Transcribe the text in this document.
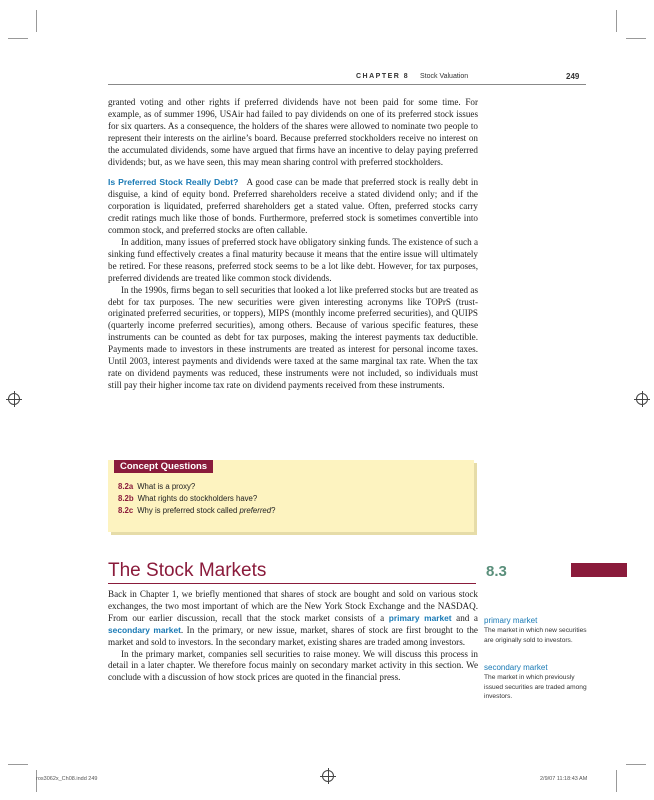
CHAPTER 8 Stock Valuation	249

granted voting and other rights if preferred dividends have not been paid for some time. For example, as of summer 1996, USAir had failed to pay dividends on one of its preferred stock issues for six quarters. As a consequence, the holders of the shares were allowed to nominate two people to represent their interests on the airline’s board. Because preferred stockholders receive no interest on the accumulated dividends, some have argued that firms have an incentive to delay paying preferred dividends; but, as we have seen, this may mean sharing control with preferred stockholders.

Is Preferred Stock Really Debt? A good case can be made that preferred stock is really debt in disguise, a kind of equity bond. Preferred shareholders receive a stated dividend only; and if the corporation is liquidated, preferred shareholders get a stated value. Often, preferred stocks carry credit ratings much like those of bonds. Furthermore, preferred stock is sometimes convertible into common stock, and preferred stocks are often callable.

In addition, many issues of preferred stock have obligatory sinking funds. The existence of such a sinking fund effectively creates a final maturity because it means that the entire issue will ultimately be retired. For these reasons, preferred stock seems to be a lot like debt. However, for tax purposes, preferred dividends are treated like common stock dividends.

In the 1990s, firms began to sell securities that looked a lot like preferred stocks but are treated as debt for tax purposes. The new securities were given interesting acronyms like TOPrS (trust-originated preferred securities, or toppers), MIPS (monthly income preferred securities), and QUIPS (quarterly income preferred securities), among others. Because of various specific features, these instruments can be counted as debt for tax purposes, making the interest payments tax deductible. Payments made to investors in these instruments are treated as interest for personal income taxes. Until 2003, interest payments and dividends were taxed at the same marginal tax rate. When the tax rate on dividend payments was reduced, these instruments were not included, so individuals must still pay their higher income tax rate on dividend payments received from these instruments.

Concept Questions
8.2a What is a proxy?
8.2b What rights do stockholders have?
8.2c Why is preferred stock called preferred?
The Stock Markets	8.3

Back in Chapter 1, we briefly mentioned that shares of stock are bought and sold on various stock exchanges, the two most important of which are the New York Stock Exchange and the NASDAQ. From our earlier discussion, recall that the stock market consists of a primary market and a secondary market. In the primary, or new issue, market, shares of stock are first brought to the market and sold to investors. In the secondary market, existing shares are traded among investors.

In the primary market, companies sell securities to raise money. We will discuss this process in detail in a later chapter. We therefore focus mainly on secondary market activity in this section. We conclude with a discussion of how stock prices are quoted in the financial press.

primary market
The market in which new securities are originally sold to investors.
secondary market
The market in which previously issued securities are traded among investors.
ros3062x_Ch08.indd 249	2/9/07 11:18:43 AM
